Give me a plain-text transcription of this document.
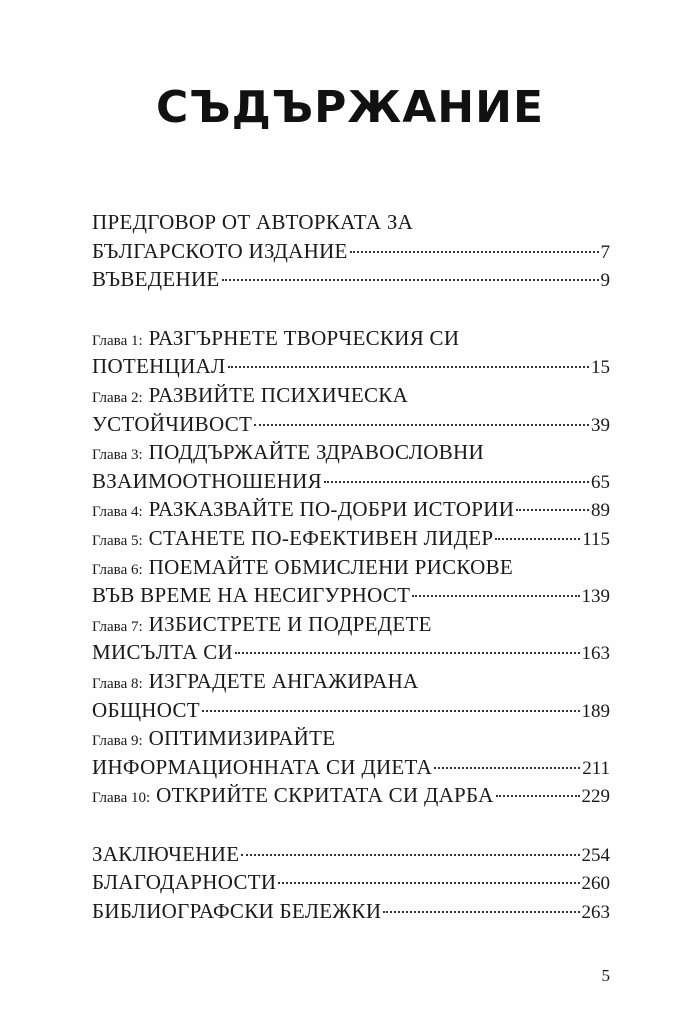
СЪДЪРЖАНИЕ
ПРЕДГОВОР ОТ АВТОРКАТА ЗА
БЪЛГАРСКОТО ИЗДАНИЕ	7
ВЪВЕДЕНИЕ	9
Глава 1: РАЗГЪРНЕТЕ ТВОРЧЕСКИЯ СИ
ПОТЕНЦИАЛ	15
Глава 2: РАЗВИЙТЕ ПСИХИЧЕСКА
УСТОЙЧИВОСТ	39
Глава 3: ПОДДЪРЖАЙТЕ ЗДРАВОСЛОВНИ
ВЗАИМООТНОШЕНИЯ	65
Глава 4: РАЗКАЗВАЙТЕ ПО-ДОБРИ ИСТОРИИ	89
Глава 5: СТАНЕТЕ ПО-ЕФЕКТИВЕН ЛИДЕР	115
Глава 6: ПОЕМАЙТЕ ОБМИСЛЕНИ РИСКОВЕ
ВЪВ ВРЕМЕ НА НЕСИГУРНОСТ	139
Глава 7: ИЗБИСТРЕТЕ И ПОДРЕДЕТЕ
МИСЪЛТА СИ	163
Глава 8: ИЗГРАДЕТЕ АНГАЖИРАНА
ОБЩНОСТ	189
Глава 9: ОПТИМИЗИРАЙТЕ
ИНФОРМАЦИОННАТА СИ ДИЕТА	211
Глава 10: ОТКРИЙТЕ СКРИТАТА СИ ДАРБА	229
ЗАКЛЮЧЕНИЕ	254
БЛАГОДАРНОСТИ	260
БИБЛИОГРАФСКИ БЕЛЕЖКИ	263
5
